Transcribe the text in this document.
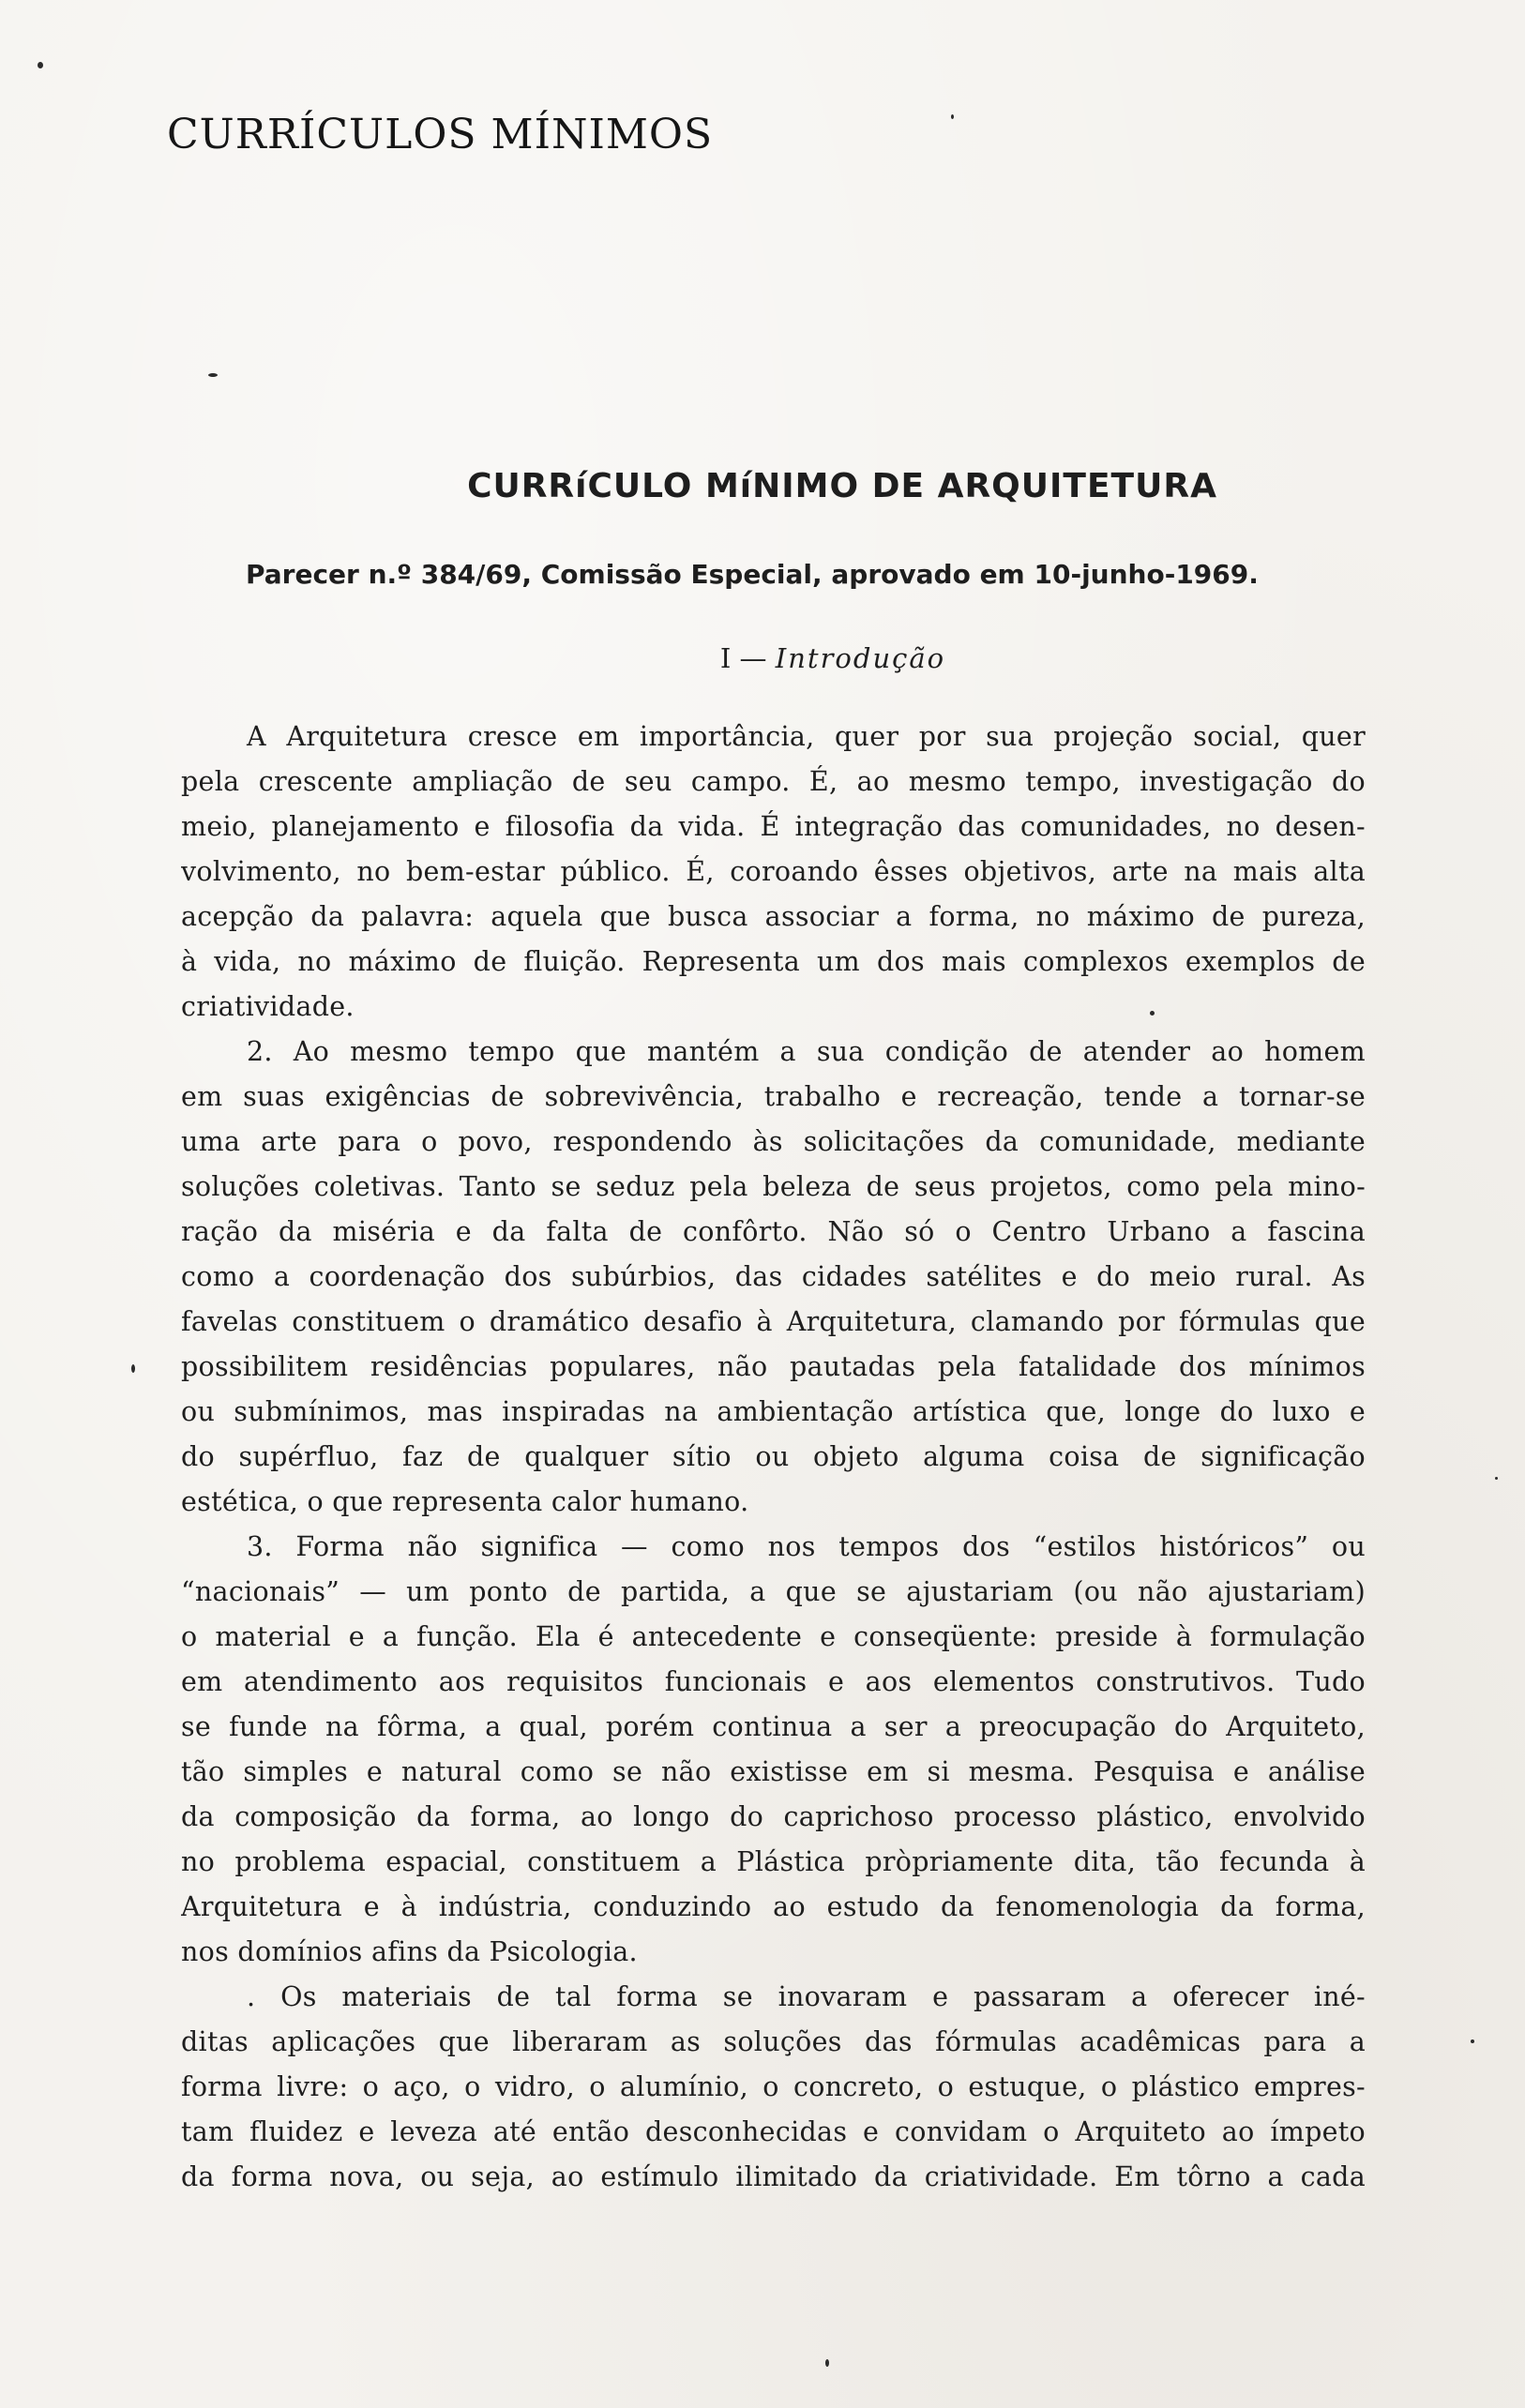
CURRÍCULOS MÍNIMOS
CURRíCULO MíNIMO DE ARQUITETURA
Parecer n.º 384/69, Comissão Especial, aprovado em 10-junho-1969.
I — Introdução
A Arquitetura cresce em importância, quer por sua projeção social, quer
pela crescente ampliação de seu campo. É, ao mesmo tempo, investigação do
meio, planejamento e filosofia da vida. É integração das comunidades, no desen-
volvimento, no bem-estar público. É, coroando êsses objetivos, arte na mais alta
acepção da palavra: aquela que busca associar a forma, no máximo de pureza,
à vida, no máximo de fluição. Representa um dos mais complexos exemplos de
criatividade.
2. Ao mesmo tempo que mantém a sua condição de atender ao homem
em suas exigências de sobrevivência, trabalho e recreação, tende a tornar-se
uma arte para o povo, respondendo às solicitações da comunidade, mediante
soluções coletivas. Tanto se seduz pela beleza de seus projetos, como pela mino-
ração da miséria e da falta de confôrto. Não só o Centro Urbano a fascina
como a coordenação dos subúrbios, das cidades satélites e do meio rural. As
favelas constituem o dramático desafio à Arquitetura, clamando por fórmulas que
possibilitem residências populares, não pautadas pela fatalidade dos mínimos
ou submínimos, mas inspiradas na ambientação artística que, longe do luxo e
do supérfluo, faz de qualquer sítio ou objeto alguma coisa de significação
estética, o que representa calor humano.
3. Forma não significa — como nos tempos dos “estilos históricos” ou
“nacionais” — um ponto de partida, a que se ajustariam (ou não ajustariam)
o material e a função. Ela é antecedente e conseqüente: preside à formulação
em atendimento aos requisitos funcionais e aos elementos construtivos. Tudo
se funde na fôrma, a qual, porém continua a ser a preocupação do Arquiteto,
tão simples e natural como se não existisse em si mesma. Pesquisa e análise
da composição da forma, ao longo do caprichoso processo plástico, envolvido
no problema espacial, constituem a Plástica pròpriamente dita, tão fecunda à
Arquitetura e à indústria, conduzindo ao estudo da fenomenologia da forma,
nos domínios afins da Psicologia.
. Os materiais de tal forma se inovaram e passaram a oferecer iné-
ditas aplicações que liberaram as soluções das fórmulas acadêmicas para a
forma livre: o aço, o vidro, o alumínio, o concreto, o estuque, o plástico empres-
tam fluidez e leveza até então desconhecidas e convidam o Arquiteto ao ímpeto
da forma nova, ou seja, ao estímulo ilimitado da criatividade. Em tôrno a cada
